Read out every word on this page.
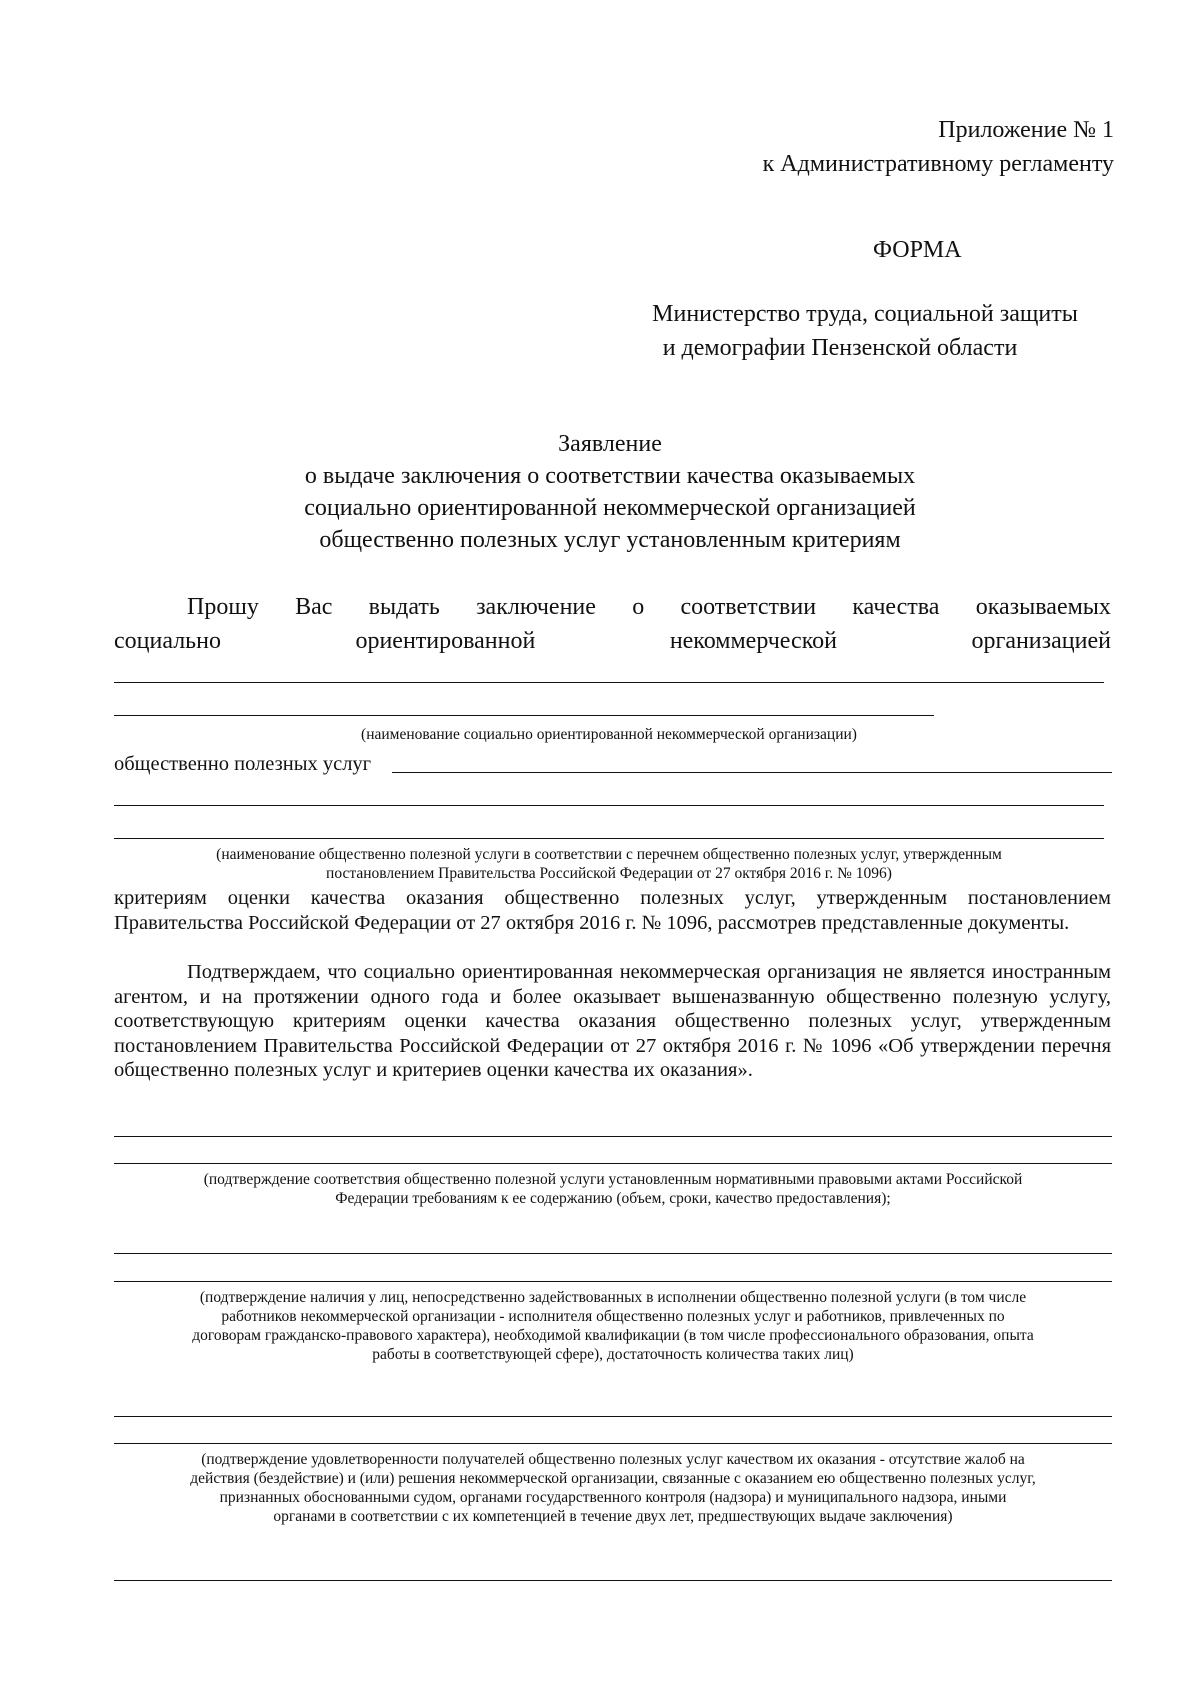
Приложение № 1
к Административному регламенту
ФОРМА
Министерство труда, социальной защиты
и демографии Пензенской области
Заявление
о выдаче заключения о соответствии качества оказываемых
социально ориентированной некоммерческой организацией
общественно полезных услуг установленным критериям
Прошу Вас выдать заключение о соответствии качества оказываемых
социально	ориентированной	некоммерческой	организацией
(наименование социально ориентированной некоммерческой организации)
общественно полезных услуг
(наименование общественно полезной услуги в соответствии с перечнем общественно полезных услуг, утвержденным
постановлением Правительства Российской Федерации от 27 октября 2016 г. № 1096)
критериям оценки качества оказания общественно полезных услуг, утвержденным постановлением Правительства Российской Федерации от 27 октября 2016 г. № 1096, рассмотрев представленные документы.
Подтверждаем, что социально ориентированная некоммерческая организация не является иностранным агентом, и на протяжении одного года и более оказывает вышеназванную общественно полезную услугу, соответствующую критериям оценки качества оказания общественно полезных услуг, утвержденным постановлением Правительства Российской Федерации от 27 октября 2016 г. № 1096 «Об утверждении перечня общественно полезных услуг и критериев оценки качества их оказания».
(подтверждение соответствия общественно полезной услуги установленным нормативными правовыми актами Российской
Федерации требованиям к ее содержанию (объем, сроки, качество предоставления);
(подтверждение наличия у лиц, непосредственно задействованных в исполнении общественно полезной услуги (в том числе
работников некоммерческой организации - исполнителя общественно полезных услуг и работников, привлеченных по
договорам гражданско-правового характера), необходимой квалификации (в том числе профессионального образования, опыта
работы в соответствующей сфере), достаточность количества таких лиц)
(подтверждение удовлетворенности получателей общественно полезных услуг качеством их оказания - отсутствие жалоб на
действия (бездействие) и (или) решения некоммерческой организации, связанные с оказанием ею общественно полезных услуг,
признанных обоснованными судом, органами государственного контроля (надзора) и муниципального надзора, иными
органами в соответствии с их компетенцией в течение двух лет, предшествующих выдаче заключения)
